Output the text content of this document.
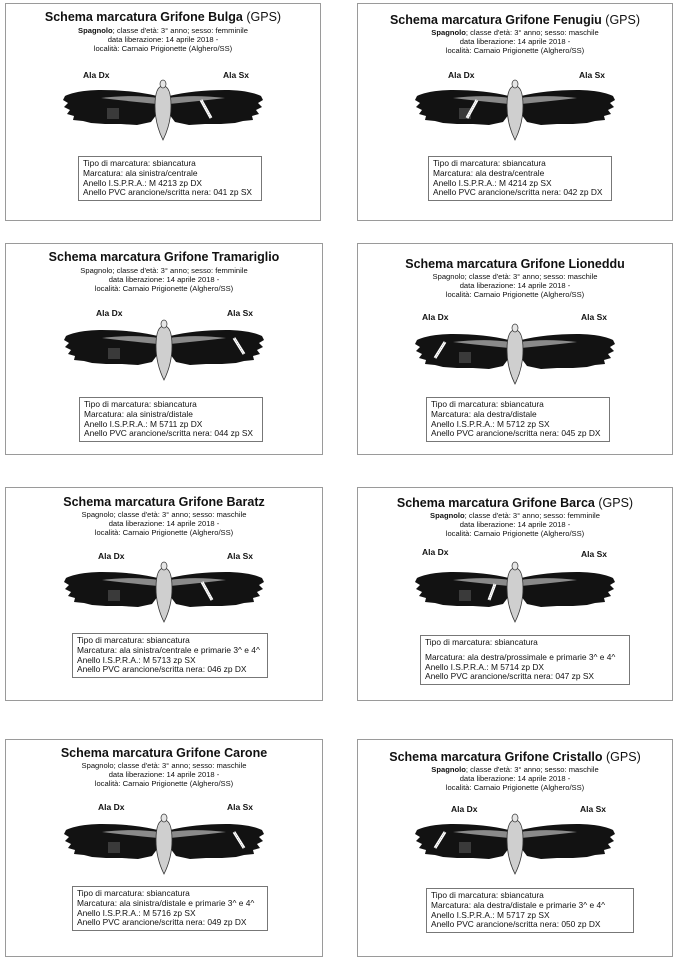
Schema marcatura Grifone Bulga (GPS)
Spagnolo; classe d'età: 3° anno; sesso: femminile
data liberazione: 14 aprile 2018 -
località: Carnaio Prigionette (Alghero/SS)
Ala Dx	Ala Sx
Tipo di marcatura: sbiancatura
Marcatura: ala sinistra/centrale
Anello I.S.P.R.A.: M 4213 zp DX
Anello PVC arancione/scritta nera: 041 zp SX
Schema marcatura Grifone Fenugiu (GPS)
Spagnolo; classe d'età: 3° anno; sesso: maschile
data liberazione: 14 aprile 2018 -
località: Carnaio Prigionette (Alghero/SS)
Ala Dx	Ala Sx
Tipo di marcatura: sbiancatura
Marcatura: ala destra/centrale
Anello I.S.P.R.A.: M 4214 zp SX
Anello PVC arancione/scritta nera: 042 zp DX
Schema marcatura Grifone Tramariglio
Spagnolo; classe d'età: 3° anno; sesso: femminile
data liberazione: 14 aprile 2018 -
località: Carnaio Prigionette (Alghero/SS)
Ala Dx	Ala Sx
Tipo di marcatura: sbiancatura
Marcatura: ala sinistra/distale
Anello I.S.P.R.A.: M 5711 zp DX
Anello PVC arancione/scritta nera: 044 zp SX
Schema marcatura Grifone Lioneddu
Spagnolo; classe d'età: 3° anno; sesso: maschile
data liberazione: 14 aprile 2018 -
località: Carnaio Prigionette (Alghero/SS)
Ala Dx	Ala Sx
Tipo di marcatura: sbiancatura
Marcatura: ala destra/distale
Anello I.S.P.R.A.: M 5712 zp SX
Anello PVC arancione/scritta nera: 045 zp DX
Schema marcatura Grifone Baratz
Spagnolo; classe d'età: 3° anno; sesso: maschile
data liberazione: 14 aprile 2018 -
località: Carnaio Prigionette (Alghero/SS)
Ala Dx	Ala Sx
Tipo di marcatura: sbiancatura
Marcatura: ala sinistra/centrale e primarie 3^ e 4^
Anello I.S.P.R.A.: M 5713 zp SX
Anello PVC arancione/scritta nera: 046 zp DX
Schema marcatura Grifone Barca (GPS)
Spagnolo; classe d'età: 3° anno; sesso: femminile
data liberazione: 14 aprile 2018 -
località: Carnaio Prigionette (Alghero/SS)
Ala Dx	Ala Sx
Tipo di marcatura: sbiancatura
Marcatura: ala destra/prossimale e primarie 3^ e 4^
Anello I.S.P.R.A.: M 5714 zp DX
Anello PVC arancione/scritta nera: 047 zp SX
Schema marcatura Grifone Carone
Spagnolo; classe d'età: 3° anno; sesso: maschile
data liberazione: 14 aprile 2018 -
località: Carnaio Prigionette (Alghero/SS)
Ala Dx	Ala Sx
Tipo di marcatura: sbiancatura
Marcatura: ala sinistra/distale e primarie 3^ e 4^
Anello I.S.P.R.A.: M 5716 zp SX
Anello PVC arancione/scritta nera: 049 zp DX
Schema marcatura Grifone Cristallo (GPS)
Spagnolo; classe d'età: 3° anno; sesso: maschile
data liberazione: 14 aprile 2018 -
località: Carnaio Prigionette (Alghero/SS)
Ala Dx	Ala Sx
Tipo di marcatura: sbiancatura
Marcatura: ala destra/distale e primarie 3^ e 4^
Anello I.S.P.R.A.: M 5717 zp SX
Anello PVC arancione/scritta nera: 050 zp DX
